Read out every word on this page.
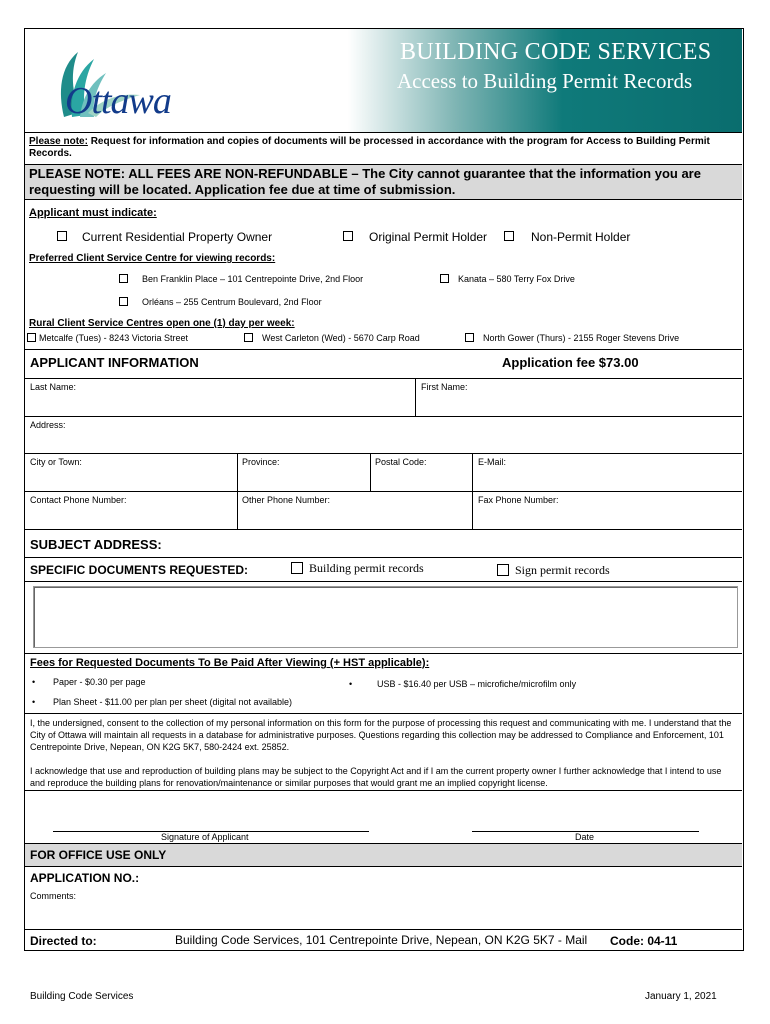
Ottawa
BUILDING CODE SERVICES
Access to Building Permit Records
Please note: Request for information and copies of documents will be processed in accordance with the program for Access to Building Permit Records.
PLEASE NOTE: ALL FEES ARE NON-REFUNDABLE – The City cannot guarantee that the information you are
requesting will be located. Application fee due at time of submission.
Applicant must indicate:
Current Residential Property Owner	Original Permit Holder	Non-Permit Holder
Preferred Client Service Centre for viewing records:
Ben Franklin Place – 101 Centrepointe Drive, 2nd Floor	Kanata – 580 Terry Fox Drive
Orléans – 255 Centrum Boulevard, 2nd Floor
Rural Client Service Centres open one (1) day per week:
Metcalfe (Tues) - 8243 Victoria Street	West Carleton (Wed) - 5670 Carp Road	North Gower (Thurs) - 2155 Roger Stevens Drive
APPLICANT INFORMATION	Application fee $73.00
Last Name:	First Name:
Address:
City or Town:	Province:	Postal Code:	E-Mail:
Contact Phone Number:	Other Phone Number:	Fax Phone Number:
SUBJECT ADDRESS:
SPECIFIC DOCUMENTS REQUESTED:	Building permit records	Sign permit records
Fees for Requested Documents To Be Paid After Viewing (+ HST applicable):
• Paper - $0.30 per page	•	USB - $16.40 per USB – microfiche/microfilm only
• Plan Sheet - $11.00 per plan per sheet (digital not available)
I, the undersigned, consent to the collection of my personal information on this form for the purpose of processing this request and communicating with me. I understand that the City of Ottawa will maintain all requests in a database for administrative purposes. Questions regarding this collection may be addressed to Compliance and Enforcement, 101 Centrepointe Drive, Nepean, ON K2G 5K7, 580-2424 ext. 25852.
I acknowledge that use and reproduction of building plans may be subject to the Copyright Act and if I am the current property owner I further acknowledge that I intend to use and reproduce the building plans for renovation/maintenance or similar purposes that would grant me an implied copyright license.
Signature of Applicant	Date
FOR OFFICE USE ONLY
APPLICATION NO.:
Comments:
Directed to:	Building Code Services, 101 Centrepointe Drive, Nepean, ON K2G 5K7 - Mail Code: 04-11
Building Code Services	January 1, 2021
